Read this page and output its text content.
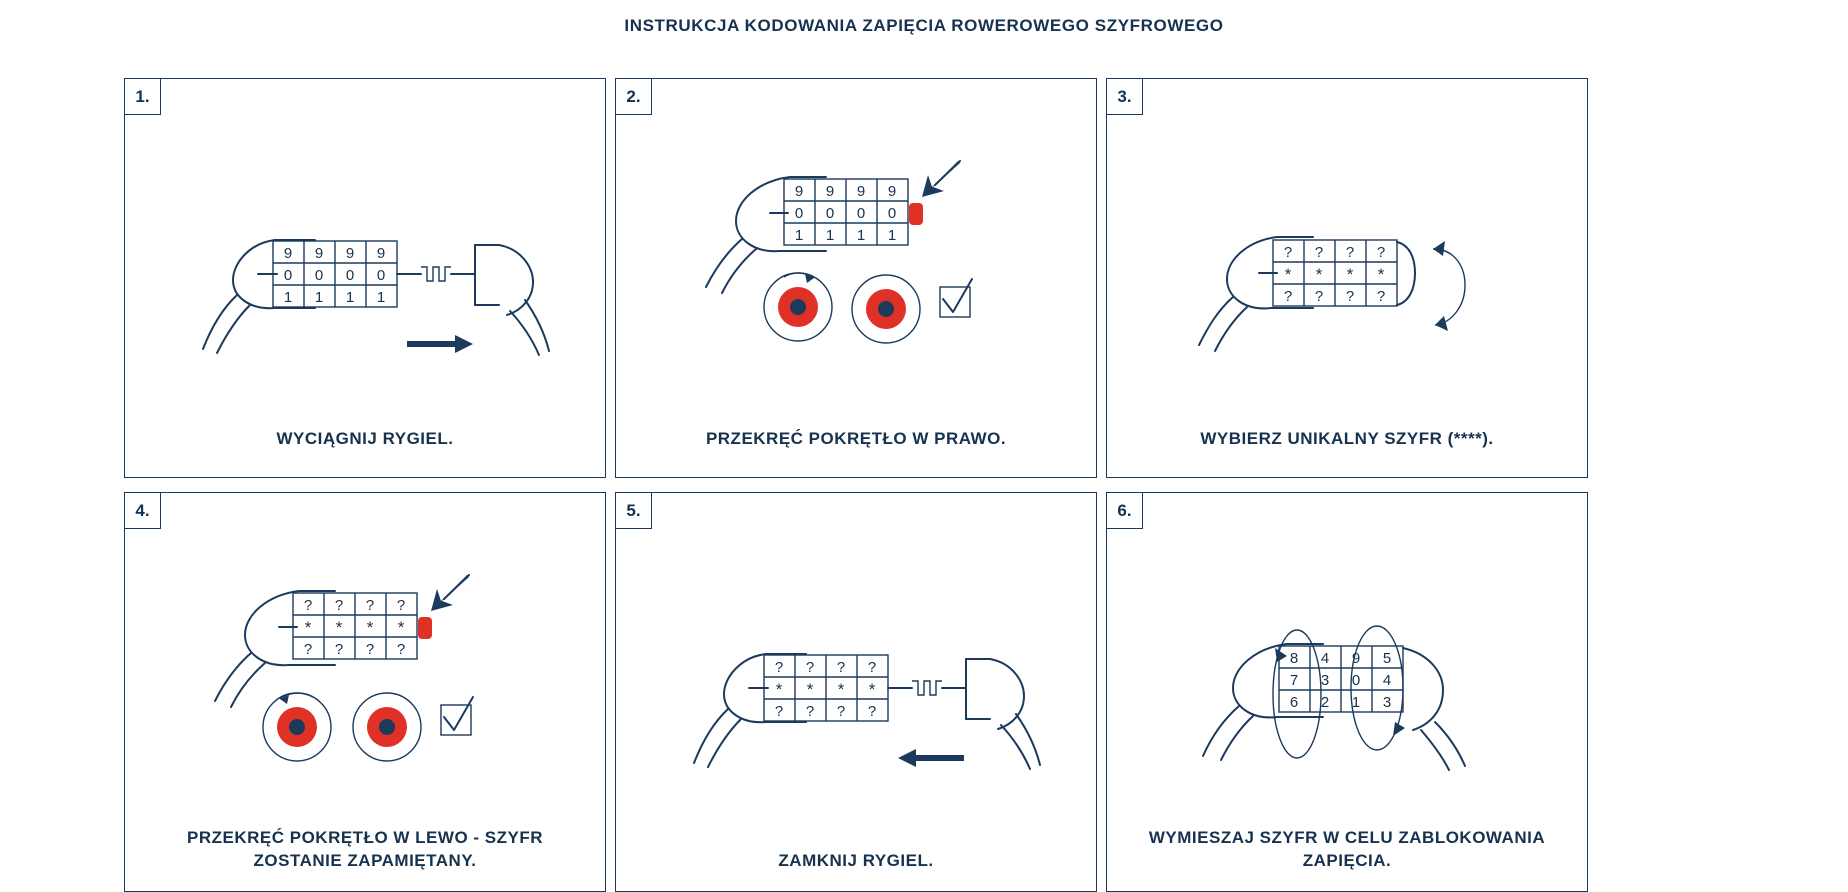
INSTRUKCJA KODOWANIA ZAPIĘCIA ROWEROWEGO SZYFROWEGO
1.
9 9 9 9
0 0 0 0
1 1 1 1
WYCIĄGNIJ RYGIEL.
2.
9 9 9 9
0 0 0 0
1 1 1 1
PRZEKRĘĆ POKRĘTŁO W PRAWO.
3.
? ? ? ?
* * * *
? ? ? ?
WYBIERZ UNIKALNY SZYFR (****).
4.
? ? ? ?
* * * *
? ? ? ?
PRZEKRĘĆ POKRĘTŁO W LEWO - SZYFR ZOSTANIE ZAPAMIĘTANY.
5.
? ? ? ?
* * * *
? ? ? ?
ZAMKNIJ RYGIEL.
6.
8 4 9 5
7 3 0 4
6 2 1 3
WYMIESZAJ SZYFR W CELU ZABLOKOWANIA ZAPIĘCIA.
